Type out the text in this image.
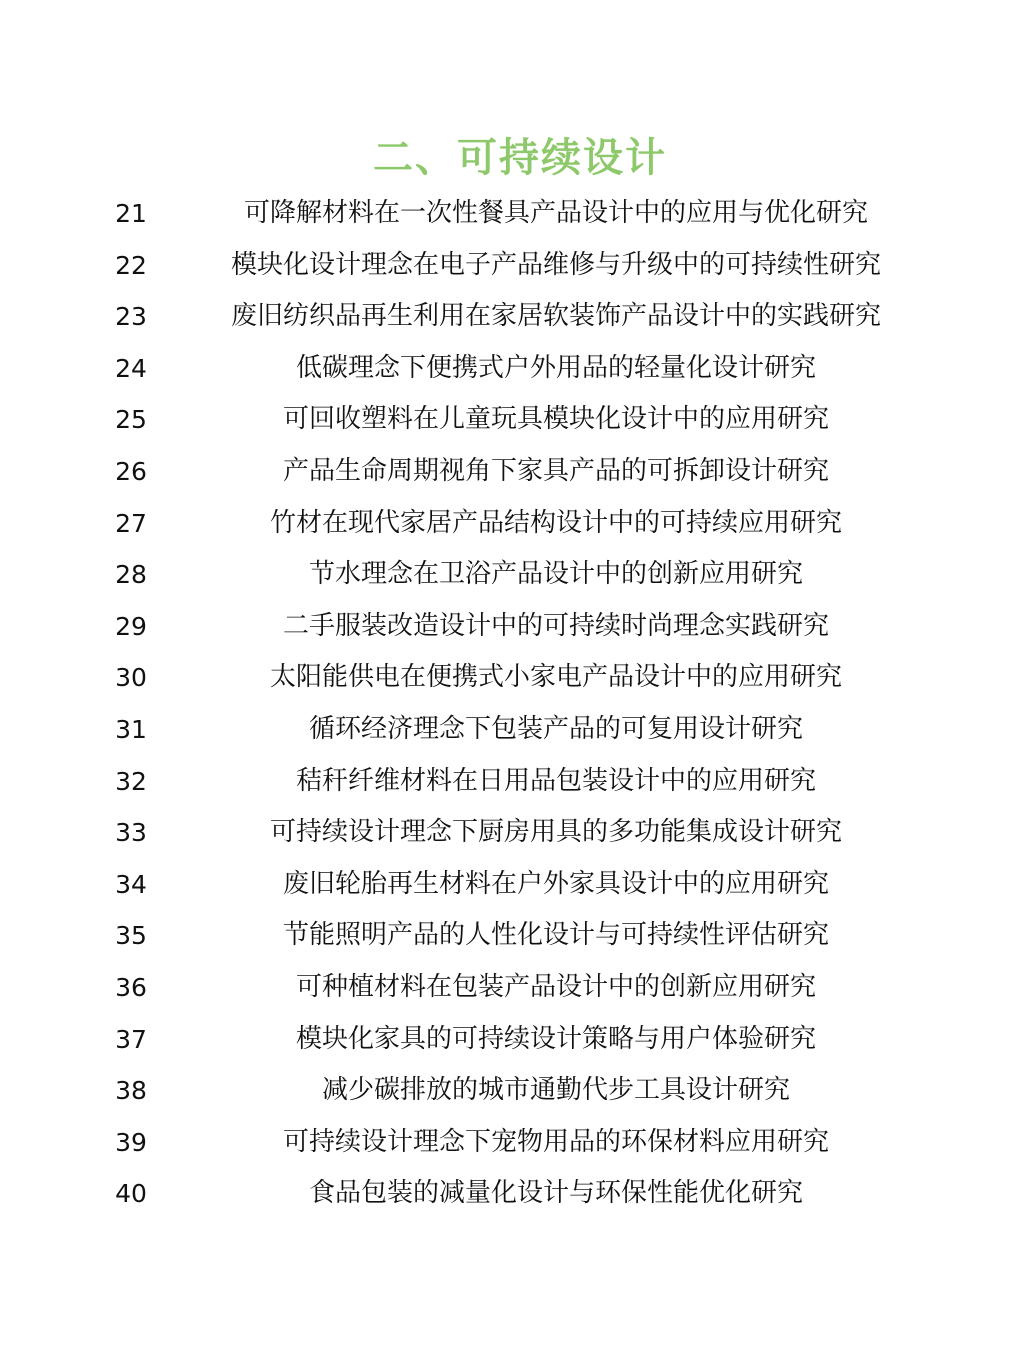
二、可持续设计
21	可降解材料在一次性餐具产品设计中的应用与优化研究
22	模块化设计理念在电子产品维修与升级中的可持续性研究
23	废旧纺织品再生利用在家居软装饰产品设计中的实践研究
24	低碳理念下便携式户外用品的轻量化设计研究
25	可回收塑料在儿童玩具模块化设计中的应用研究
26	产品生命周期视角下家具产品的可拆卸设计研究
27	竹材在现代家居产品结构设计中的可持续应用研究
28	节水理念在卫浴产品设计中的创新应用研究
29	二手服装改造设计中的可持续时尚理念实践研究
30	太阳能供电在便携式小家电产品设计中的应用研究
31	循环经济理念下包装产品的可复用设计研究
32	秸秆纤维材料在日用品包装设计中的应用研究
33	可持续设计理念下厨房用具的多功能集成设计研究
34	废旧轮胎再生材料在户外家具设计中的应用研究
35	节能照明产品的人性化设计与可持续性评估研究
36	可种植材料在包装产品设计中的创新应用研究
37	模块化家具的可持续设计策略与用户体验研究
38	减少碳排放的城市通勤代步工具设计研究
39	可持续设计理念下宠物用品的环保材料应用研究
40	食品包装的减量化设计与环保性能优化研究
